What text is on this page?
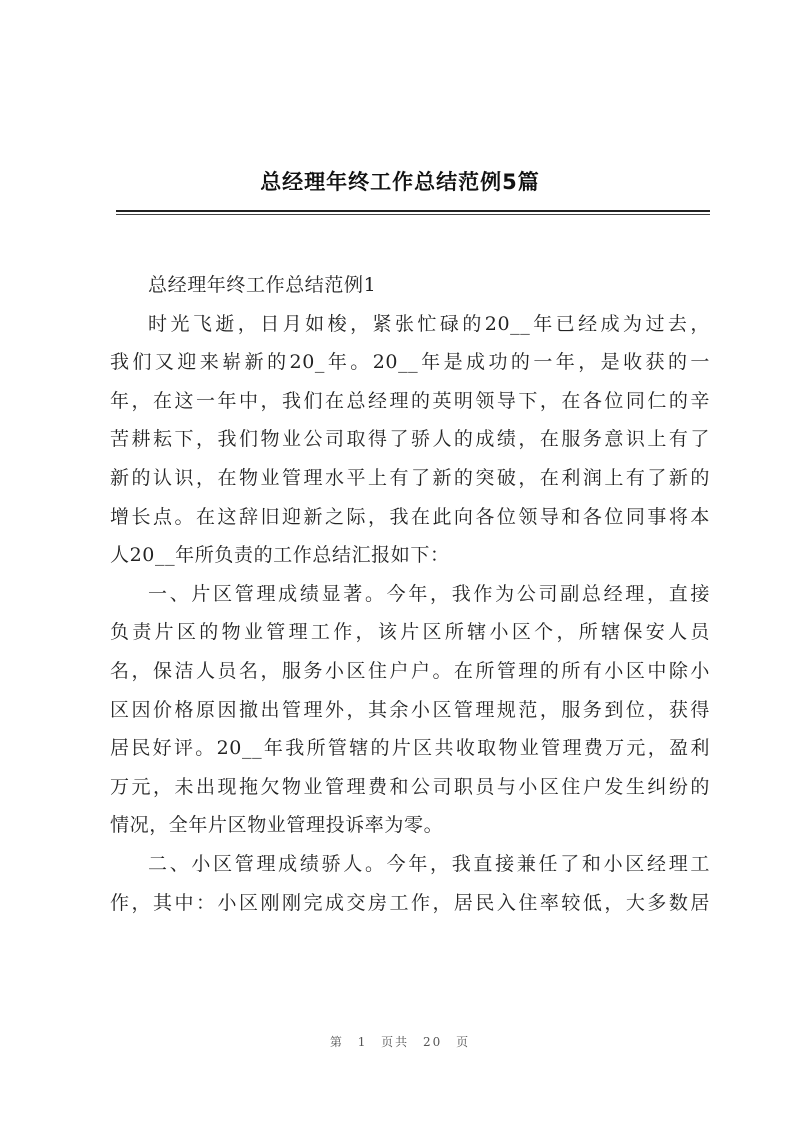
总经理年终工作总结范例5篇
总经理年终工作总结范例1
时光飞逝，日月如梭，紧张忙碌的20__年已经成为过去，
我们又迎来崭新的20_年。20__年是成功的一年，是收获的一
年，在这一年中，我们在总经理的英明领导下，在各位同仁的辛
苦耕耘下，我们物业公司取得了骄人的成绩，在服务意识上有了
新的认识，在物业管理水平上有了新的突破，在利润上有了新的
增长点。在这辞旧迎新之际，我在此向各位领导和各位同事将本
人20__年所负责的工作总结汇报如下：
一、片区管理成绩显著。今年，我作为公司副总经理，直接
负责片区的物业管理工作，该片区所辖小区个，所辖保安人员
名，保洁人员名，服务小区住户户。在所管理的所有小区中除小
区因价格原因撤出管理外，其余小区管理规范，服务到位，获得
居民好评。20__年我所管辖的片区共收取物业管理费万元，盈利
万元，未出现拖欠物业管理费和公司职员与小区住户发生纠纷的
情况，全年片区物业管理投诉率为零。
二、小区管理成绩骄人。今年，我直接兼任了和小区经理工
作，其中：小区刚刚完成交房工作，居民入住率较低，大多数居
第 1 页共 20 页
